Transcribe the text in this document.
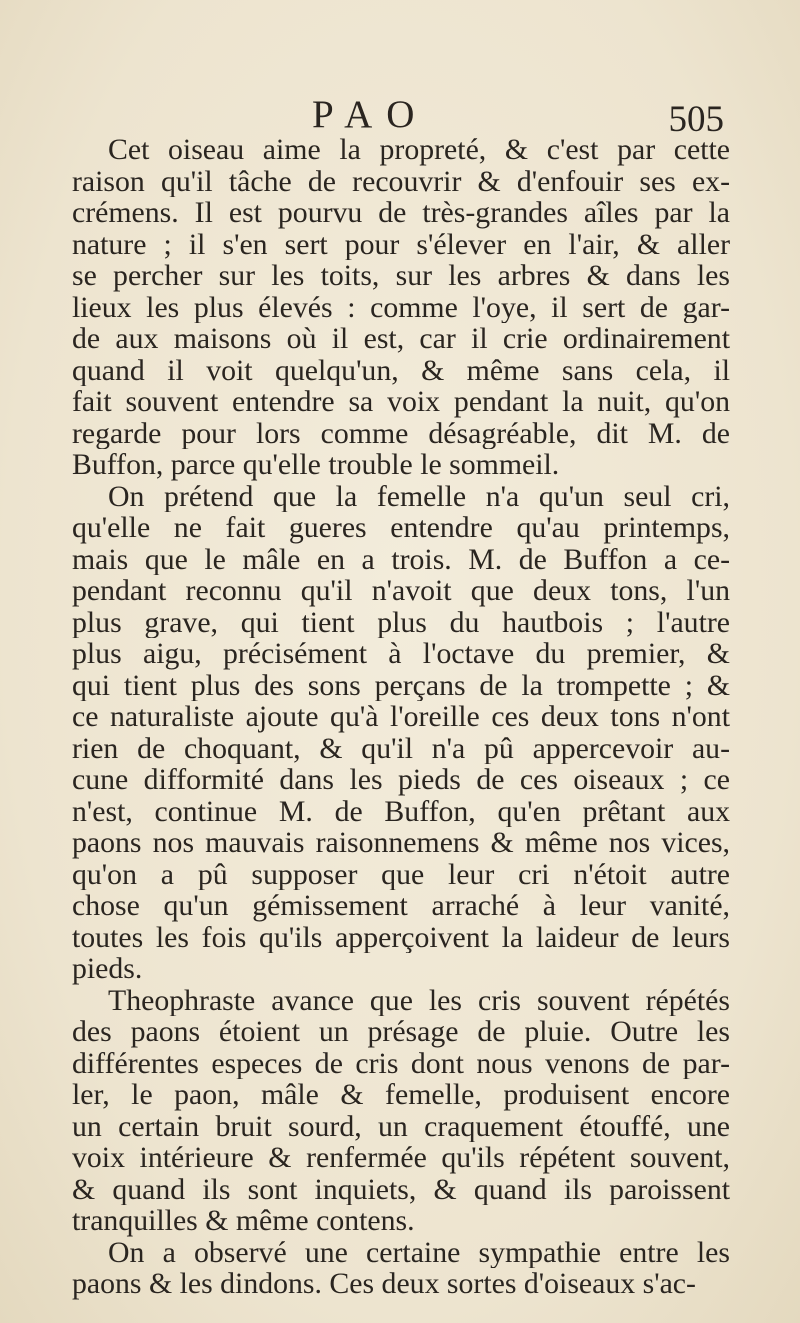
PAO	505
Cet oiseau aime la propreté, & c'est par cette
raison qu'il tâche de recouvrir & d'enfouir ses ex-
crémens. Il est pourvu de très-grandes aîles par la
nature ; il s'en sert pour s'élever en l'air, & aller
se percher sur les toits, sur les arbres & dans les
lieux les plus élevés : comme l'oye, il sert de gar-
de aux maisons où il est, car il crie ordinairement
quand il voit quelqu'un, & même sans cela, il
fait souvent entendre sa voix pendant la nuit, qu'on
regarde pour lors comme désagréable, dit M. de
Buffon, parce qu'elle trouble le sommeil.
On prétend que la femelle n'a qu'un seul cri,
qu'elle ne fait gueres entendre qu'au printemps,
mais que le mâle en a trois. M. de Buffon a ce-
pendant reconnu qu'il n'avoit que deux tons, l'un
plus grave, qui tient plus du hautbois ; l'autre
plus aigu, précisément à l'octave du premier, &
qui tient plus des sons perçans de la trompette ; &
ce naturaliste ajoute qu'à l'oreille ces deux tons n'ont
rien de choquant, & qu'il n'a pû appercevoir au-
cune difformité dans les pieds de ces oiseaux ; ce
n'est, continue M. de Buffon, qu'en prêtant aux
paons nos mauvais raisonnemens & même nos vices,
qu'on a pû supposer que leur cri n'étoit autre
chose qu'un gémissement arraché à leur vanité,
toutes les fois qu'ils apperçoivent la laideur de leurs
pieds.
Theophraste avance que les cris souvent répétés
des paons étoient un présage de pluie. Outre les
différentes especes de cris dont nous venons de par-
ler, le paon, mâle & femelle, produisent encore
un certain bruit sourd, un craquement étouffé, une
voix intérieure & renfermée qu'ils répétent souvent,
& quand ils sont inquiets, & quand ils paroissent
tranquilles & même contens.
On a observé une certaine sympathie entre les
paons & les dindons. Ces deux sortes d'oiseaux s'ac-
